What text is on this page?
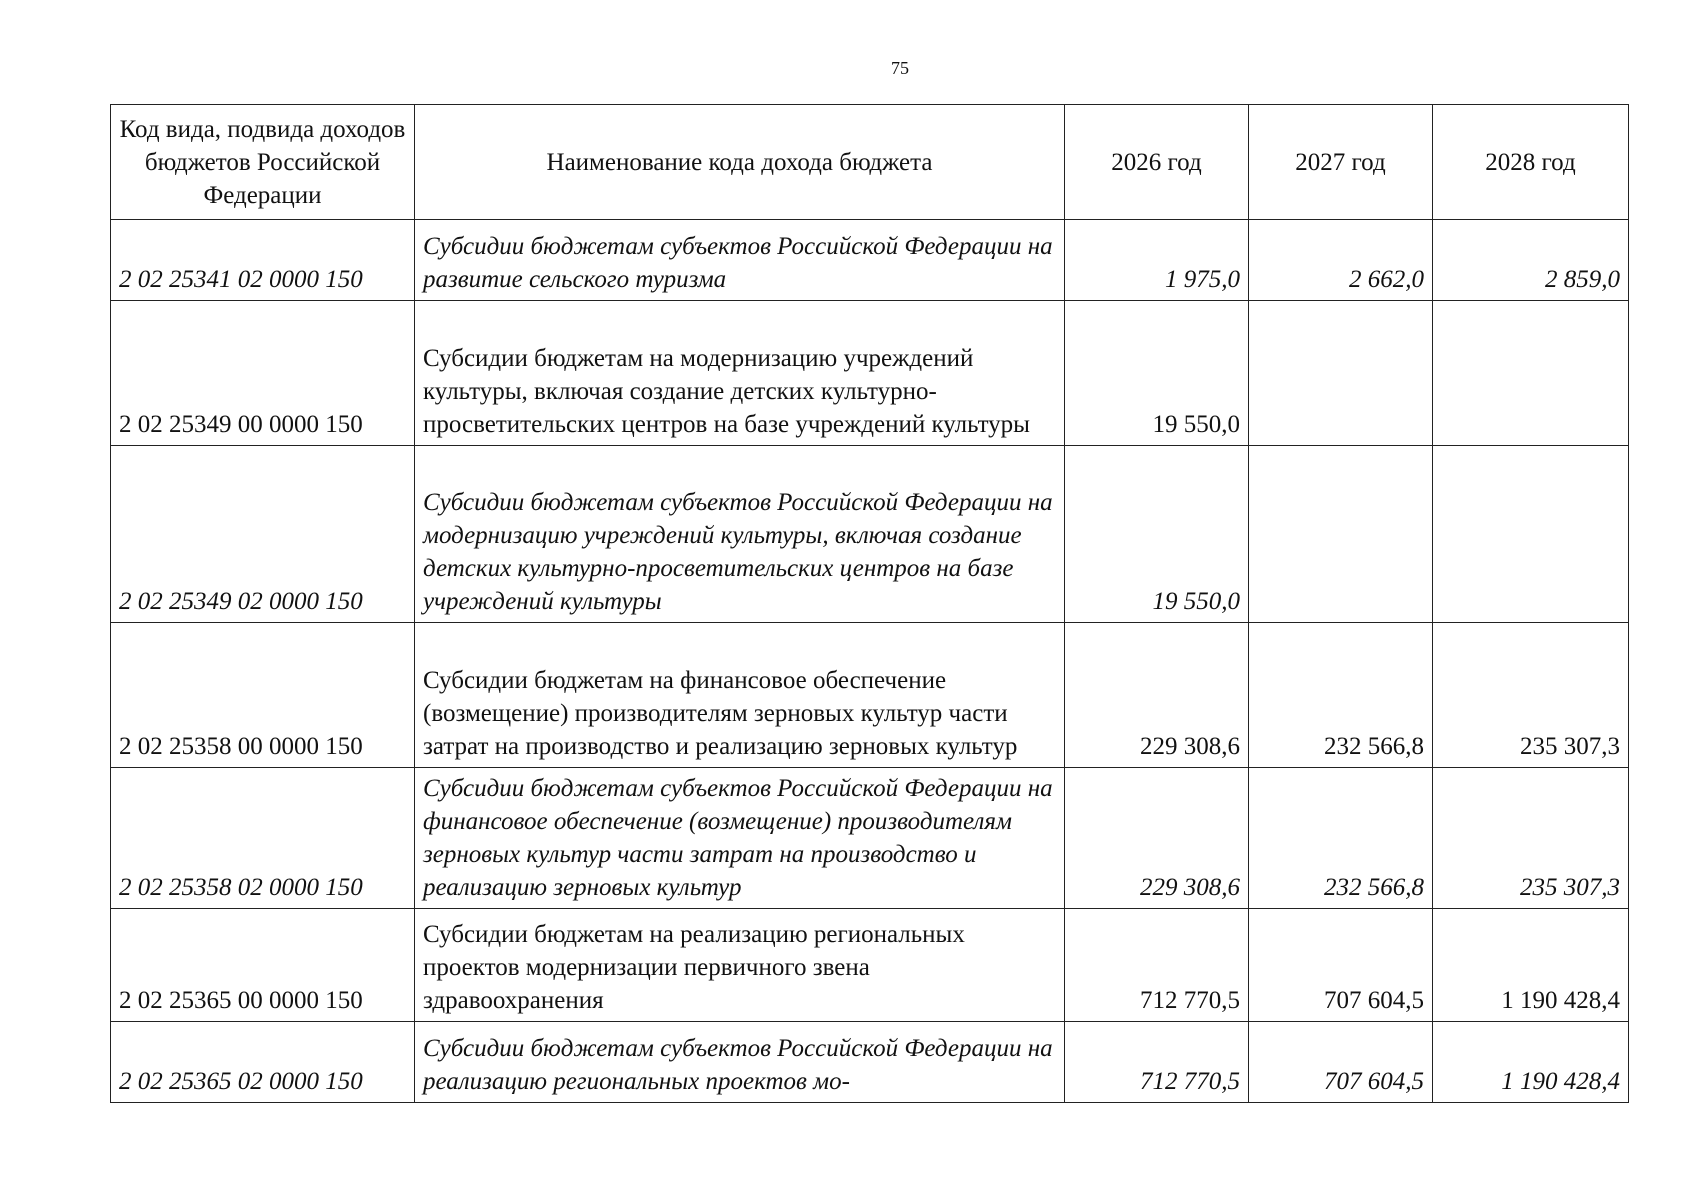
75
Код вида, подвида доходов бюджетов Российской Федерации	Наименование кода дохода бюджета	2026 год	2027 год	2028 год
2 02 25341 02 0000 150	Субсидии бюджетам субъектов Российской Федерации на развитие сельского туризма	1 975,0	2 662,0	2 859,0
2 02 25349 00 0000 150	Субсидии бюджетам на модернизацию учреждений культуры, включая создание детских культурно-просветительских центров на базе учреждений культуры	19 550,0		
2 02 25349 02 0000 150	Субсидии бюджетам субъектов Российской Федерации на модернизацию учреждений культуры, включая создание детских культурно-просветительских центров на базе учреждений культуры	19 550,0		
2 02 25358 00 0000 150	Субсидии бюджетам на финансовое обеспечение (возмещение) производителям зерновых культур части затрат на производство и реализацию зерновых культур	229 308,6	232 566,8	235 307,3
2 02 25358 02 0000 150	Субсидии бюджетам субъектов Российской Федерации на финансовое обеспечение (возмещение) производителям зерновых культур части затрат на производство и реализацию зерновых культур	229 308,6	232 566,8	235 307,3
2 02 25365 00 0000 150	Субсидии бюджетам на реализацию региональных проектов модернизации первичного звена здравоохранения	712 770,5	707 604,5	1 190 428,4
2 02 25365 02 0000 150	Субсидии бюджетам субъектов Российской Федерации на реализацию региональных проектов мо-	712 770,5	707 604,5	1 190 428,4
